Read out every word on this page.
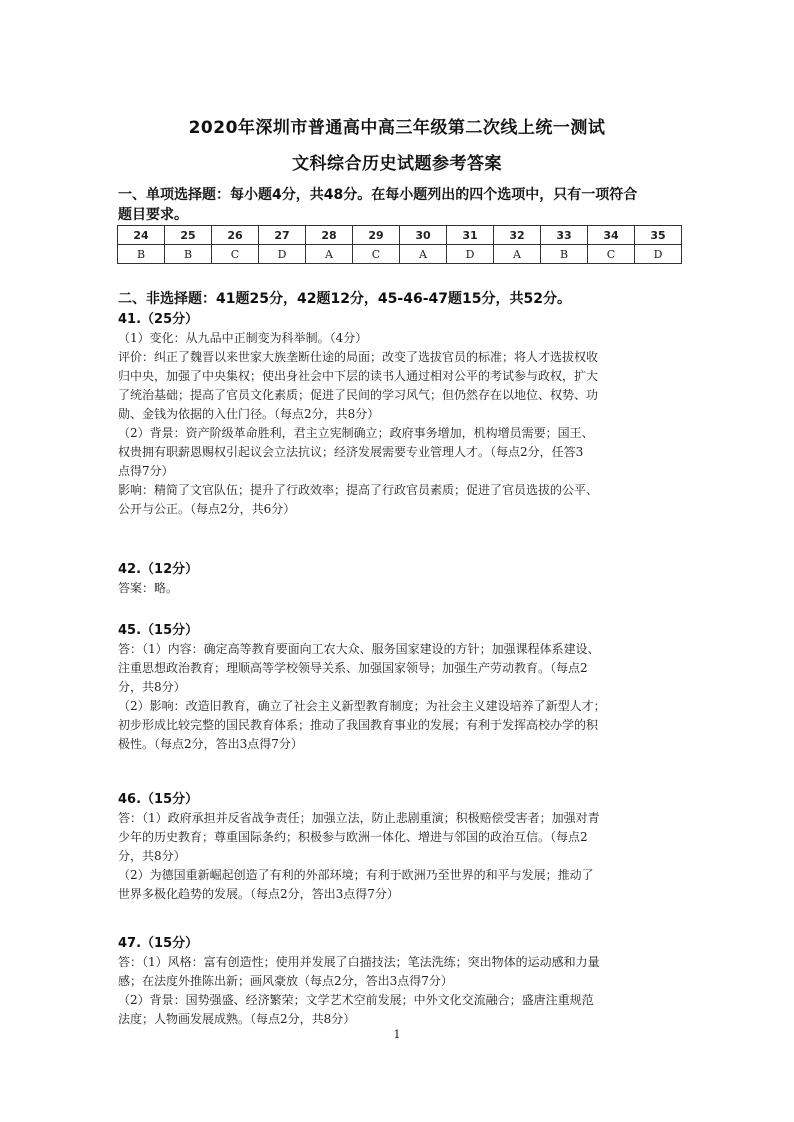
2020年深圳市普通高中高三年级第二次线上统一测试
文科综合历史试题参考答案
一、单项选择题：每小题4分，共48分。在每小题列出的四个选项中，只有一项符合
题目要求。
24	25	26	27	28	29	30	31	32	33	34	35
B	B	C	D	A	C	A	D	A	B	C	D
二、非选择题：41题25分，42题12分，45-46-47题15分，共52分。
41.（25分）
（1）变化：从九品中正制变为科举制。（4分）
评价：纠正了魏晋以来世家大族垄断仕途的局面；改变了选拔官员的标准；将人才选拔权收
归中央，加强了中央集权；使出身社会中下层的读书人通过相对公平的考试参与政权，扩大
了统治基础；提高了官员文化素质；促进了民间的学习风气；但仍然存在以地位、权势、功
勋、金钱为依据的入仕门径。（每点2分，共8分）
（2）背景：资产阶级革命胜利，君主立宪制确立；政府事务增加，机构增员需要；国王、
权贵拥有职薪恩赐权引起议会立法抗议；经济发展需要专业管理人才。（每点2分，任答3
点得7分）
影响：精简了文官队伍；提升了行政效率；提高了行政官员素质；促进了官员选拔的公平、
公开与公正。（每点2分，共6分）
42.（12分）
答案：略。
45.（15分）
答：（1）内容：确定高等教育要面向工农大众、服务国家建设的方针；加强课程体系建设、
注重思想政治教育；理顺高等学校领导关系、加强国家领导；加强生产劳动教育。（每点2
分，共8分）
（2）影响：改造旧教育，确立了社会主义新型教育制度；为社会主义建设培养了新型人才；
初步形成比较完整的国民教育体系；推动了我国教育事业的发展；有利于发挥高校办学的积
极性。（每点2分，答出3点得7分）
46.（15分）
答：（1）政府承担并反省战争责任；加强立法，防止悲剧重演；积极赔偿受害者；加强对青
少年的历史教育；尊重国际条约；积极参与欧洲一体化、增进与邻国的政治互信。（每点2
分，共8分）
（2）为德国重新崛起创造了有利的外部环境；有利于欧洲乃至世界的和平与发展；推动了
世界多极化趋势的发展。（每点2分，答出3点得7分）
47.（15分）
答：（1）风格：富有创造性；使用并发展了白描技法；笔法洗练；突出物体的运动感和力量
感；在法度外推陈出新；画风豪放（每点2分，答出3点得7分）
（2）背景：国势强盛、经济繁荣；文学艺术空前发展；中外文化交流融合；盛唐注重规范
法度；人物画发展成熟。（每点2分，共8分）
1
